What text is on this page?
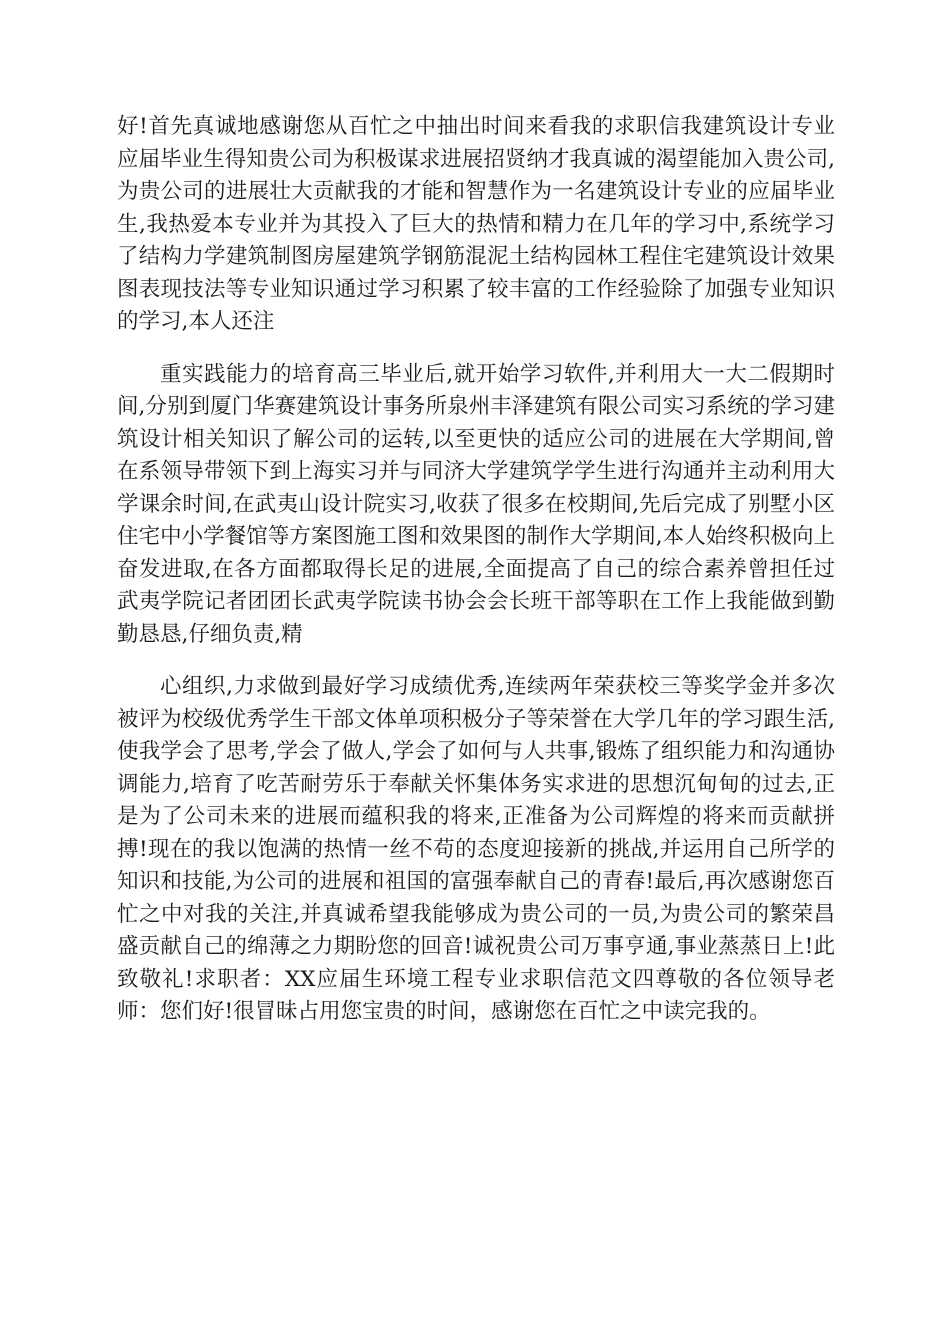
好!首先真诚地感谢您从百忙之中抽出时间来看我的求职信我建筑设计专业应届毕业生得知贵公司为积极谋求进展招贤纳才我真诚的渴望能加入贵公司,为贵公司的进展壮大贡献我的才能和智慧作为一名建筑设计专业的应届毕业生,我热爱本专业并为其投入了巨大的热情和精力在几年的学习中,系统学习了结构力学建筑制图房屋建筑学钢筋混泥土结构园林工程住宅建筑设计效果图表现技法等专业知识通过学习积累了较丰富的工作经验除了加强专业知识的学习,本人还注

重实践能力的培育高三毕业后,就开始学习软件,并利用大一大二假期时间,分别到厦门华赛建筑设计事务所泉州丰泽建筑有限公司实习系统的学习建筑设计相关知识了解公司的运转,以至更快的适应公司的进展在大学期间,曾在系领导带领下到上海实习并与同济大学建筑学学生进行沟通并主动利用大学课余时间,在武夷山设计院实习,收获了很多在校期间,先后完成了别墅小区住宅中小学餐馆等方案图施工图和效果图的制作大学期间,本人始终积极向上奋发进取,在各方面都取得长足的进展,全面提高了自己的综合素养曾担任过武夷学院记者团团长武夷学院读书协会会长班干部等职在工作上我能做到勤勤恳恳,仔细负责,精

心组织,力求做到最好学习成绩优秀,连续两年荣获校三等奖学金并多次被评为校级优秀学生干部文体单项积极分子等荣誉在大学几年的学习跟生活,使我学会了思考,学会了做人,学会了如何与人共事,锻炼了组织能力和沟通协调能力,培育了吃苦耐劳乐于奉献关怀集体务实求进的思想沉甸甸的过去,正是为了公司未来的进展而蕴积我的将来,正准备为公司辉煌的将来而贡献拼搏!现在的我以饱满的热情一丝不苟的态度迎接新的挑战,并运用自己所学的知识和技能,为公司的进展和祖国的富强奉献自己的青春!最后,再次感谢您百忙之中对我的关注,并真诚希望我能够成为贵公司的一员,为贵公司的繁荣昌盛贡献自己的绵薄之力期盼您的回音!诚祝贵公司万事亨通,事业蒸蒸日上!此致敬礼!求职者：XX应届生环境工程专业求职信范文四尊敬的各位领导老师：您们好!很冒昧占用您宝贵的时间，感谢您在百忙之中读完我的。
